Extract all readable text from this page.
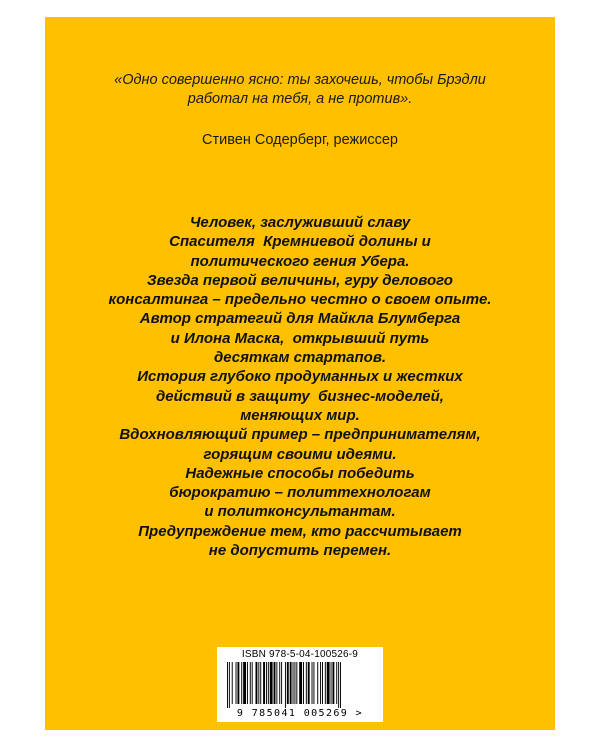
«Одно совершенно ясно: ты захочешь, чтобы Брэдли
работал на тебя, а не против».
Стивен Содерберг, режиссер
Человек, заслуживший славу
Спасителя  Кремниевой долины и
политического гения Убера.
Звезда первой величины, гуру делового
консалтинга – предельно честно о своем опыте.
Автор стратегий для Майкла Блумберга
и Илона Маска,  открывший путь
десяткам стартапов.
История глубоко продуманных и жестких
действий в защиту  бизнес-моделей,
меняющих мир.
Вдохновляющий пример – предпринимателям,
горящим своими идеями.
Надежные способы победить
бюрократию – политтехнологам
и политконсультантам.
Предупреждение тем, кто рассчитывает
не допустить перемен.
ISBN 978-5-04-100526-9
9 785041 005269 >
